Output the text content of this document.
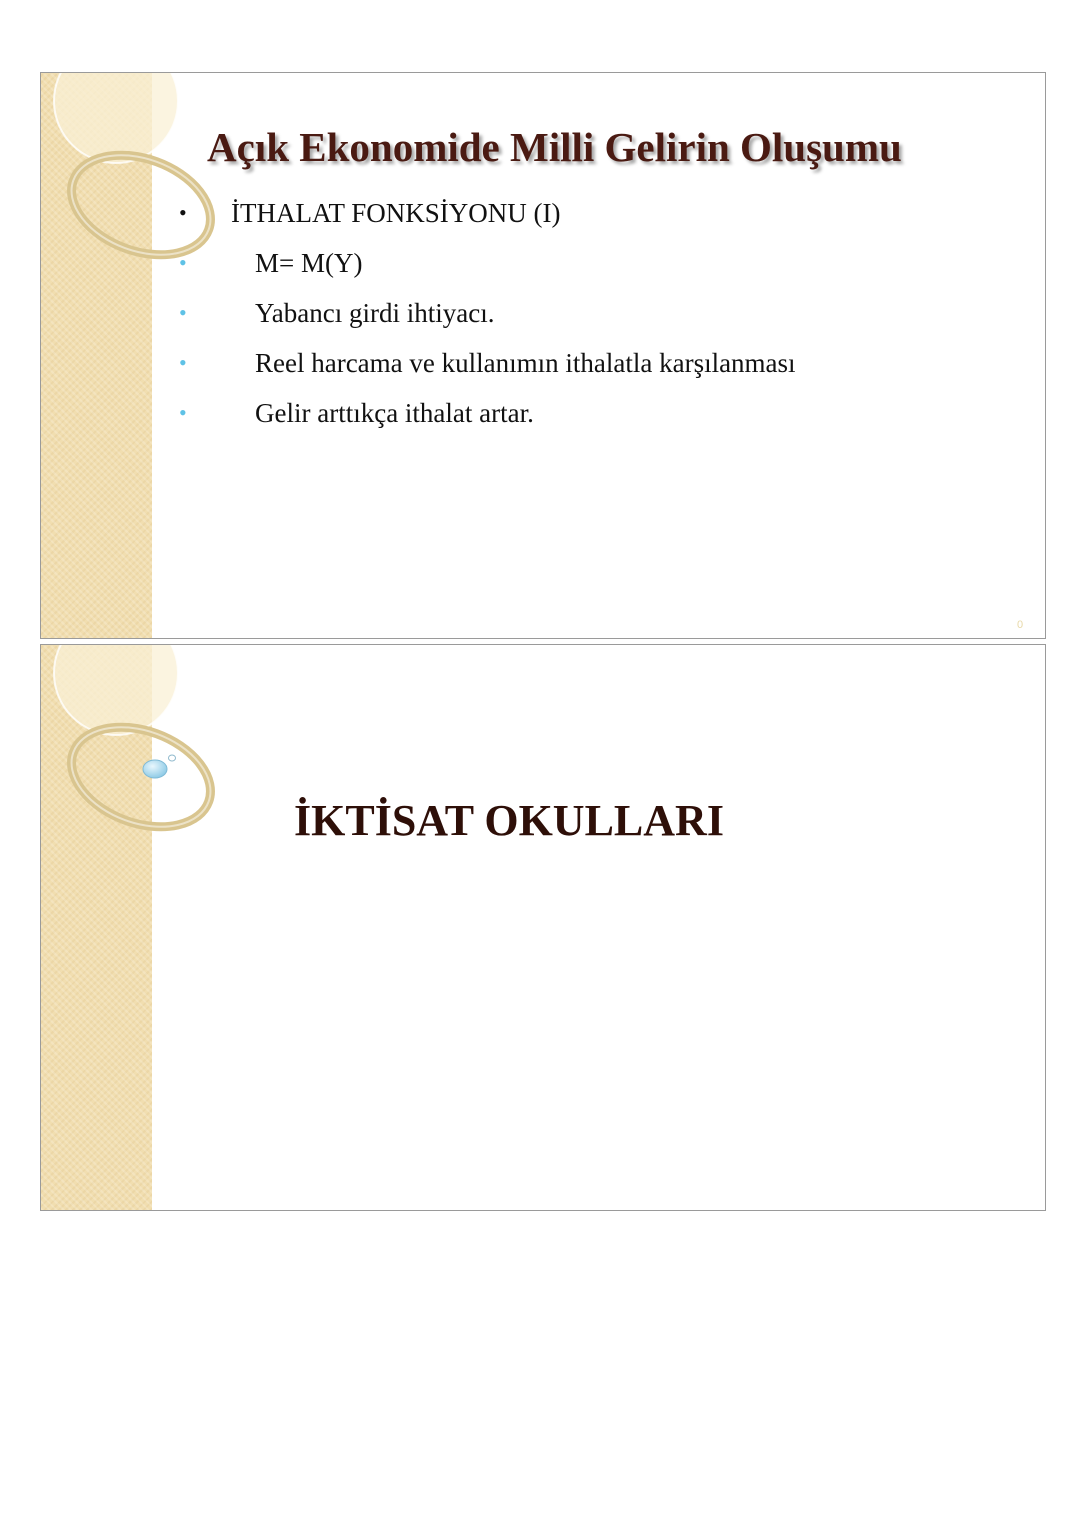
Açık Ekonomide Milli Gelirin Oluşumu
•	İTHALAT FONKSİYONU (I)
•	M= M(Y)
•	Yabancı girdi ihtiyacı.
•	Reel harcama ve kullanımın ithalatla karşılanması
•	Gelir arttıkça ithalat artar.
0
İKTİSAT OKULLARI
